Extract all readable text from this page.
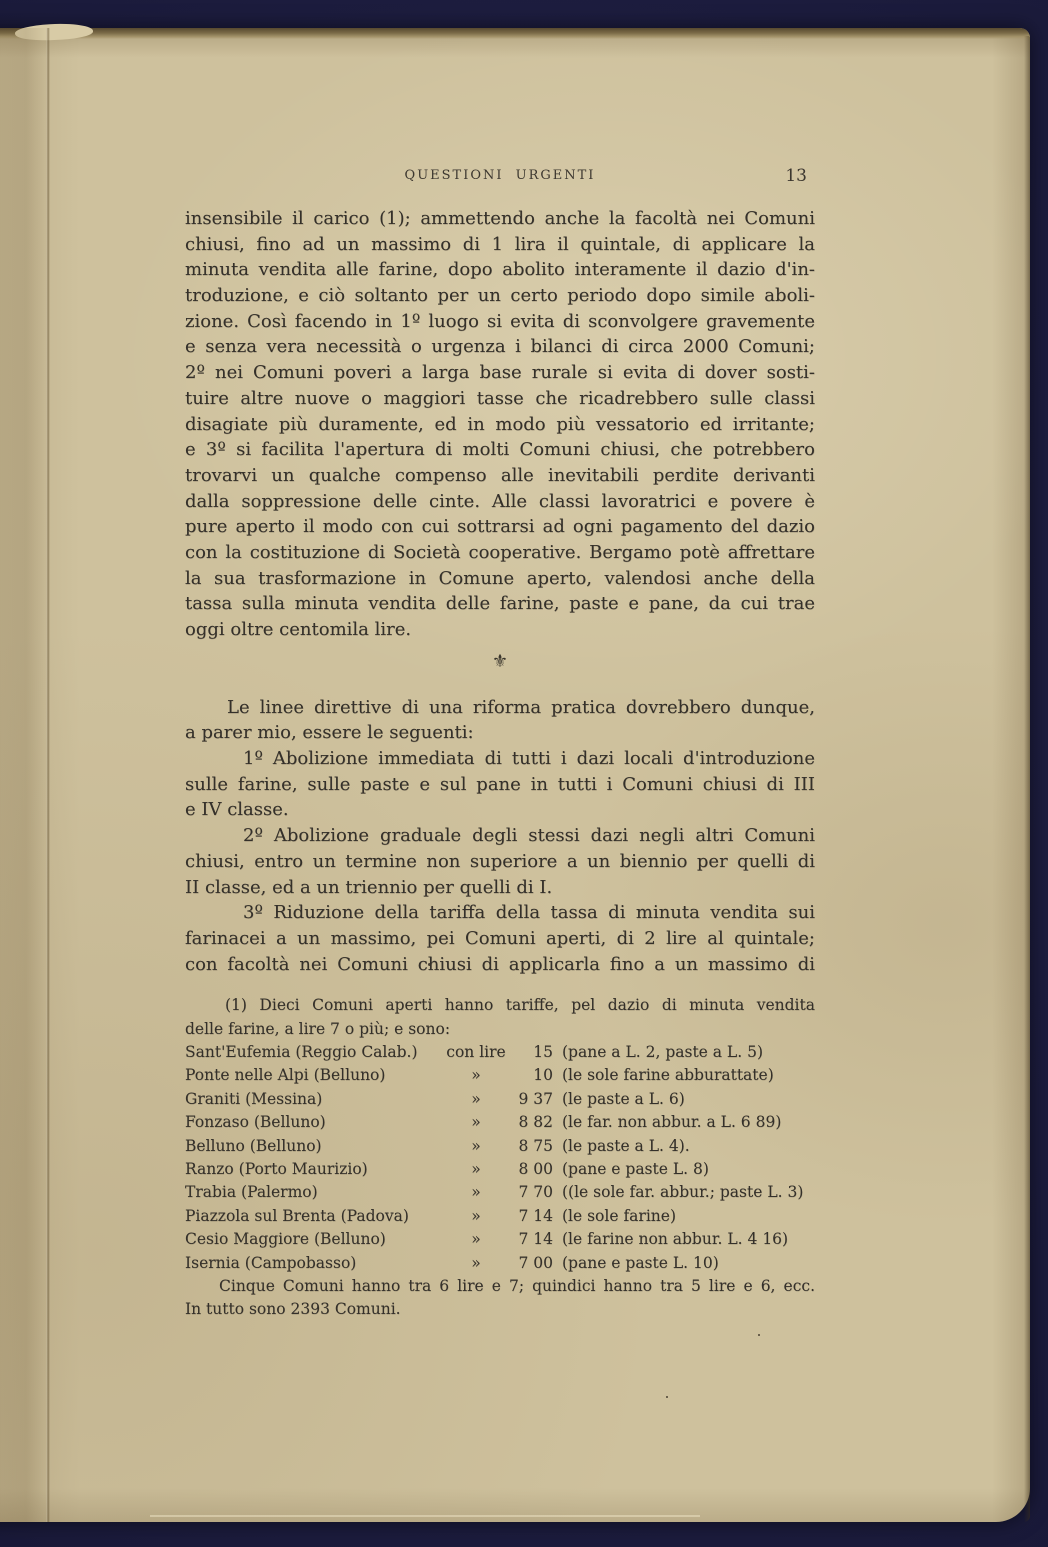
QUESTIONI URGENTI	13
insensibile il carico (1); ammettendo anche la facoltà nei Comuni
chiusi, fino ad un massimo di 1 lira il quintale, di applicare la
minuta vendita alle farine, dopo abolito interamente il dazio d'in-
troduzione, e ciò soltanto per un certo periodo dopo simile aboli-
zione. Così facendo in 1º luogo si evita di sconvolgere gravemente
e senza vera necessità o urgenza i bilanci di circa 2000 Comuni;
2º nei Comuni poveri a larga base rurale si evita di dover sosti-
tuire altre nuove o maggiori tasse che ricadrebbero sulle classi
disagiate più duramente, ed in modo più vessatorio ed irritante;
e 3º si facilita l'apertura di molti Comuni chiusi, che potrebbero
trovarvi un qualche compenso alle inevitabili perdite derivanti
dalla soppressione delle cinte. Alle classi lavoratrici e povere è
pure aperto il modo con cui sottrarsi ad ogni pagamento del dazio
con la costituzione di Società cooperative. Bergamo potè affrettare
la sua trasformazione in Comune aperto, valendosi anche della
tassa sulla minuta vendita delle farine, paste e pane, da cui trae
oggi oltre centomila lire.
⚜
Le linee direttive di una riforma pratica dovrebbero dunque,
a parer mio, essere le seguenti:
1º Abolizione immediata di tutti i dazi locali d'introduzione
sulle farine, sulle paste e sul pane in tutti i Comuni chiusi di III
e IV classe.
2º Abolizione graduale degli stessi dazi negli altri Comuni
chiusi, entro un termine non superiore a un biennio per quelli di
II classe, ed a un triennio per quelli di I.
3º Riduzione della tariffa della tassa di minuta vendita sui
farinacei a un massimo, pei Comuni aperti, di 2 lire al quintale;
con facoltà nei Comuni chiusi di applicarla fino a un massimo di
(1) Dieci Comuni aperti hanno tariffe, pel dazio di minuta vendita
delle farine, a lire 7 o più; e sono:
Sant'Eufemia (Reggio Calab.)	con lire	15 (pane a L. 2, paste a L. 5)
Ponte nelle Alpi (Belluno)	»	10 (le sole farine abburattate)
Graniti (Messina)	»	9 37 (le paste a L. 6)
Fonzaso (Belluno)	»	8 82 (le far. non abbur. a L. 6 89)
Belluno (Belluno)	»	8 75 (le paste a L. 4).
Ranzo (Porto Maurizio)	»	8 00 (pane e paste L. 8)
Trabia (Palermo)	»	7 70 ((le sole far. abbur.; paste L. 3)
Piazzola sul Brenta (Padova)	»	7 14 (le sole farine)
Cesio Maggiore (Belluno)	»	7 14 (le farine non abbur. L. 4 16)
Isernia (Campobasso)	»	7 00 (pane e paste L. 10)
Cinque Comuni hanno tra 6 lire e 7; quindici hanno tra 5 lire e 6, ecc.
In tutto sono 2393 Comuni.
